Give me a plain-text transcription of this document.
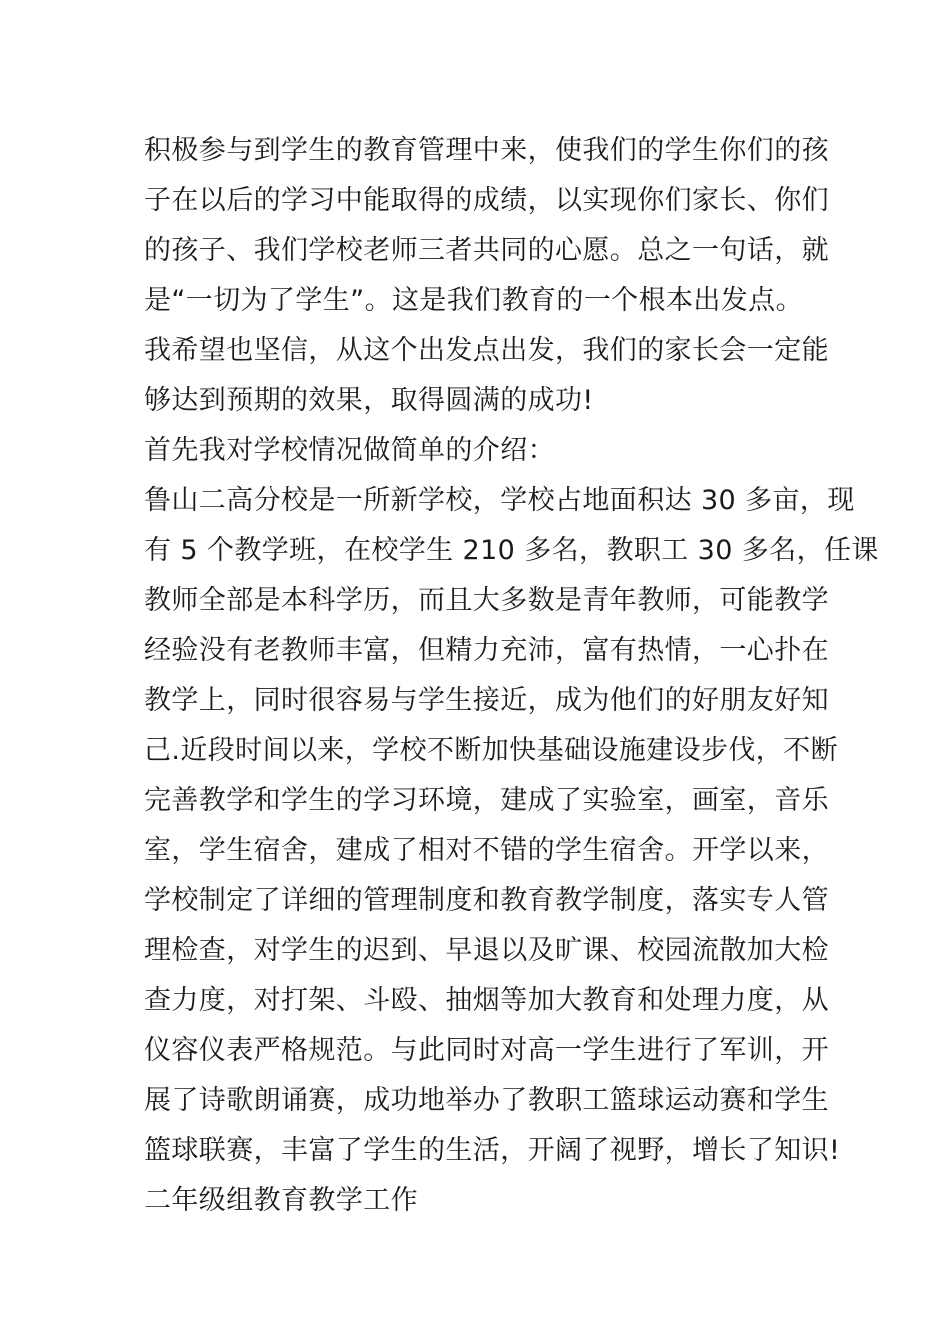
积极参与到学生的教育管理中来，使我们的学生你们的孩
子在以后的学习中能取得的成绩，以实现你们家长、你们
的孩子、我们学校老师三者共同的心愿。总之一句话，就
是“一切为了学生”。这是我们教育的一个根本出发点。
我希望也坚信，从这个出发点出发，我们的家长会一定能
够达到预期的效果，取得圆满的成功!
首先我对学校情况做简单的介绍：
鲁山二高分校是一所新学校，学校占地面积达 30 多亩，现
有 5 个教学班，在校学生 210 多名，教职工 30 多名，任课
教师全部是本科学历，而且大多数是青年教师，可能教学
经验没有老教师丰富，但精力充沛，富有热情，一心扑在
教学上，同时很容易与学生接近，成为他们的好朋友好知
己.近段时间以来，学校不断加快基础设施建设步伐，不断
完善教学和学生的学习环境，建成了实验室，画室，音乐
室，学生宿舍，建成了相对不错的学生宿舍。开学以来，
学校制定了详细的管理制度和教育教学制度，落实专人管
理检查，对学生的迟到、早退以及旷课、校园流散加大检
查力度，对打架、斗殴、抽烟等加大教育和处理力度，从
仪容仪表严格规范。与此同时对高一学生进行了军训，开
展了诗歌朗诵赛，成功地举办了教职工篮球运动赛和学生
篮球联赛，丰富了学生的生活，开阔了视野，增长了知识!
二年级组教育教学工作
